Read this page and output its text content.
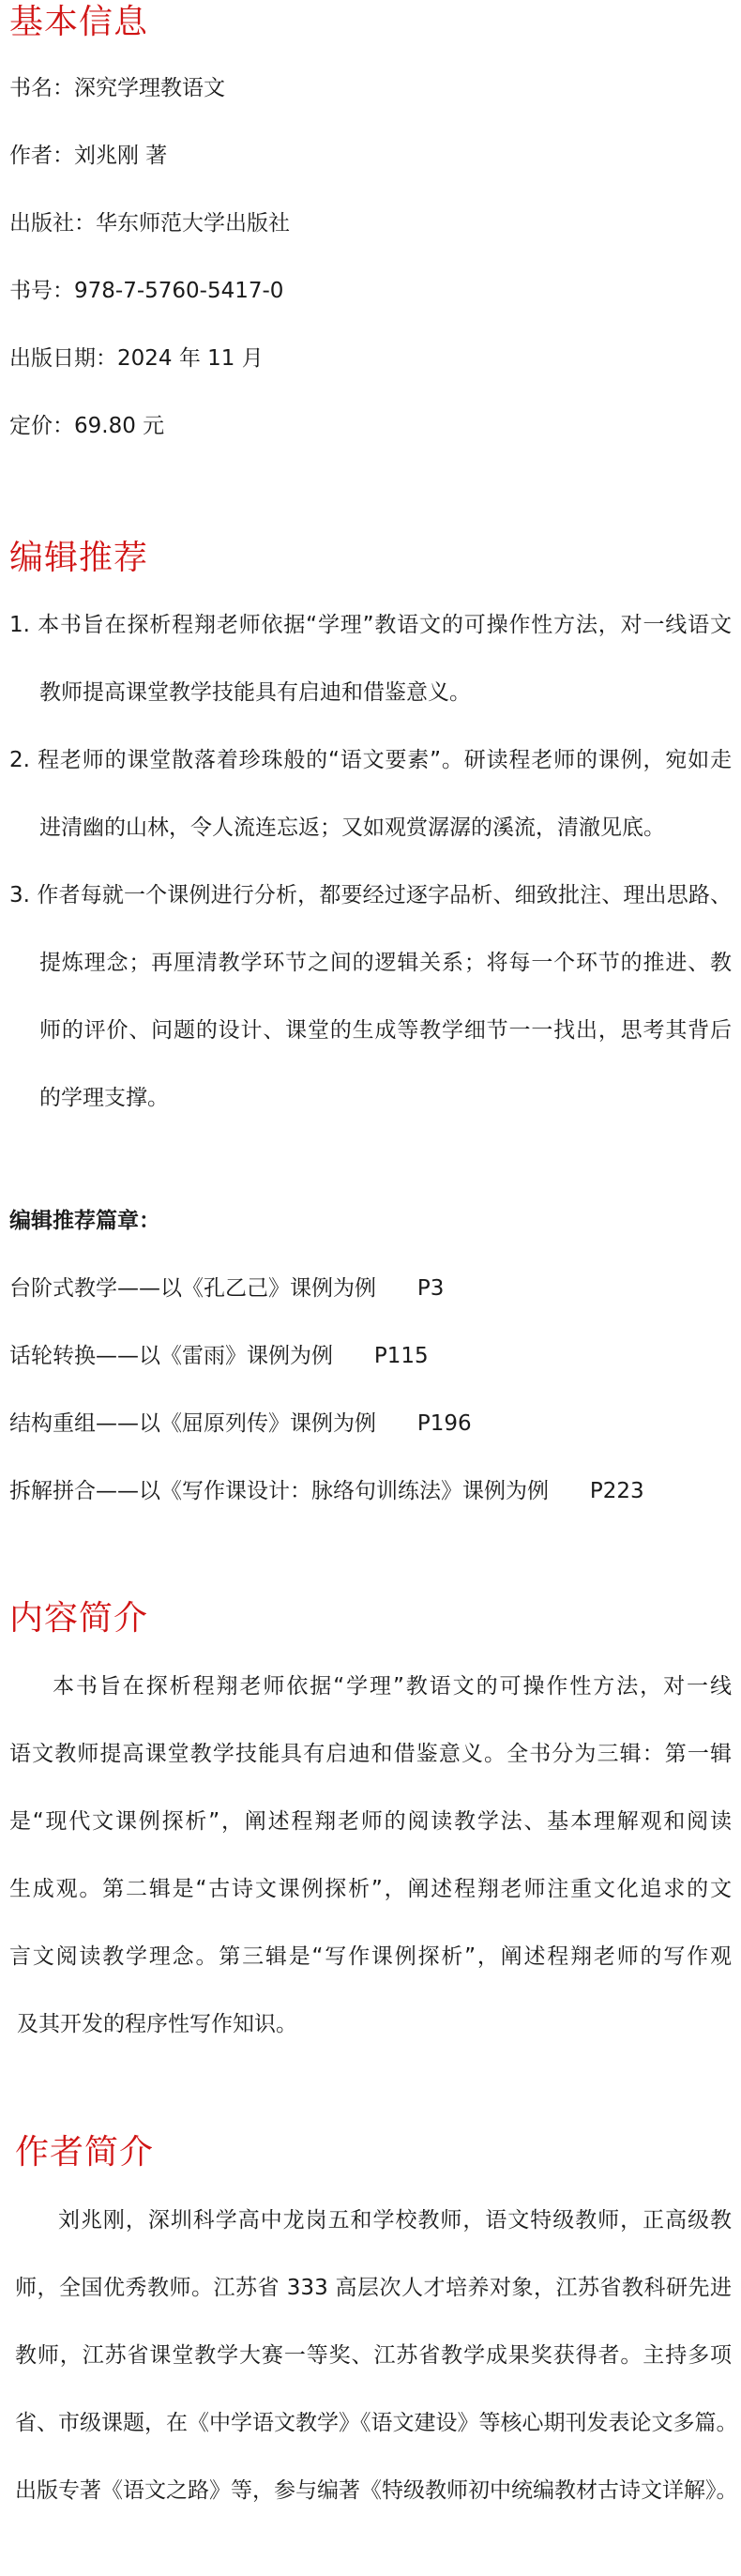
基本信息

书名：深究学理教语文

作者：刘兆刚 著

出版社：华东师范大学出版社

书号：978-7-5760-5417-0

出版日期：2024 年 11 月

定价：69.80 元

编辑推荐

1. 本书旨在探析程翔老师依据“学理”教语文的可操作性方法，对一线语文

教师提高课堂教学技能具有启迪和借鉴意义。

2. 程老师的课堂散落着珍珠般的“语文要素”。研读程老师的课例，宛如走

进清幽的山林，令人流连忘返；又如观赏潺潺的溪流，清澈见底。

3. 作者每就一个课例进行分析，都要经过逐字品析、细致批注、理出思路、

提炼理念；再厘清教学环节之间的逻辑关系；将每一个环节的推进、教

师的评价、问题的设计、课堂的生成等教学细节一一找出，思考其背后

的学理支撑。

编辑推荐篇章：

台阶式教学——以《孔乙己》课例为例      P3

话轮转换——以《雷雨》课例为例      P115

结构重组——以《屈原列传》课例为例      P196

拆解拼合——以《写作课设计：脉络句训练法》课例为例      P223

内容简介

本书旨在探析程翔老师依据“学理”教语文的可操作性方法，对一线

语文教师提高课堂教学技能具有启迪和借鉴意义。全书分为三辑：第一辑

是“现代文课例探析”，阐述程翔老师的阅读教学法、基本理解观和阅读

生成观。第二辑是“古诗文课例探析”，阐述程翔老师注重文化追求的文

言文阅读教学理念。第三辑是“写作课例探析”，阐述程翔老师的写作观

及其开发的程序性写作知识。

作者简介

刘兆刚，深圳科学高中龙岗五和学校教师，语文特级教师，正高级教

师，全国优秀教师。江苏省 333 高层次人才培养对象，江苏省教科研先进

教师，江苏省课堂教学大赛一等奖、江苏省教学成果奖获得者。主持多项

省、市级课题，在《中学语文教学》《语文建设》等核心期刊发表论文多篇。

出版专著《语文之路》等，参与编著《特级教师初中统编教材古诗文详解》。
